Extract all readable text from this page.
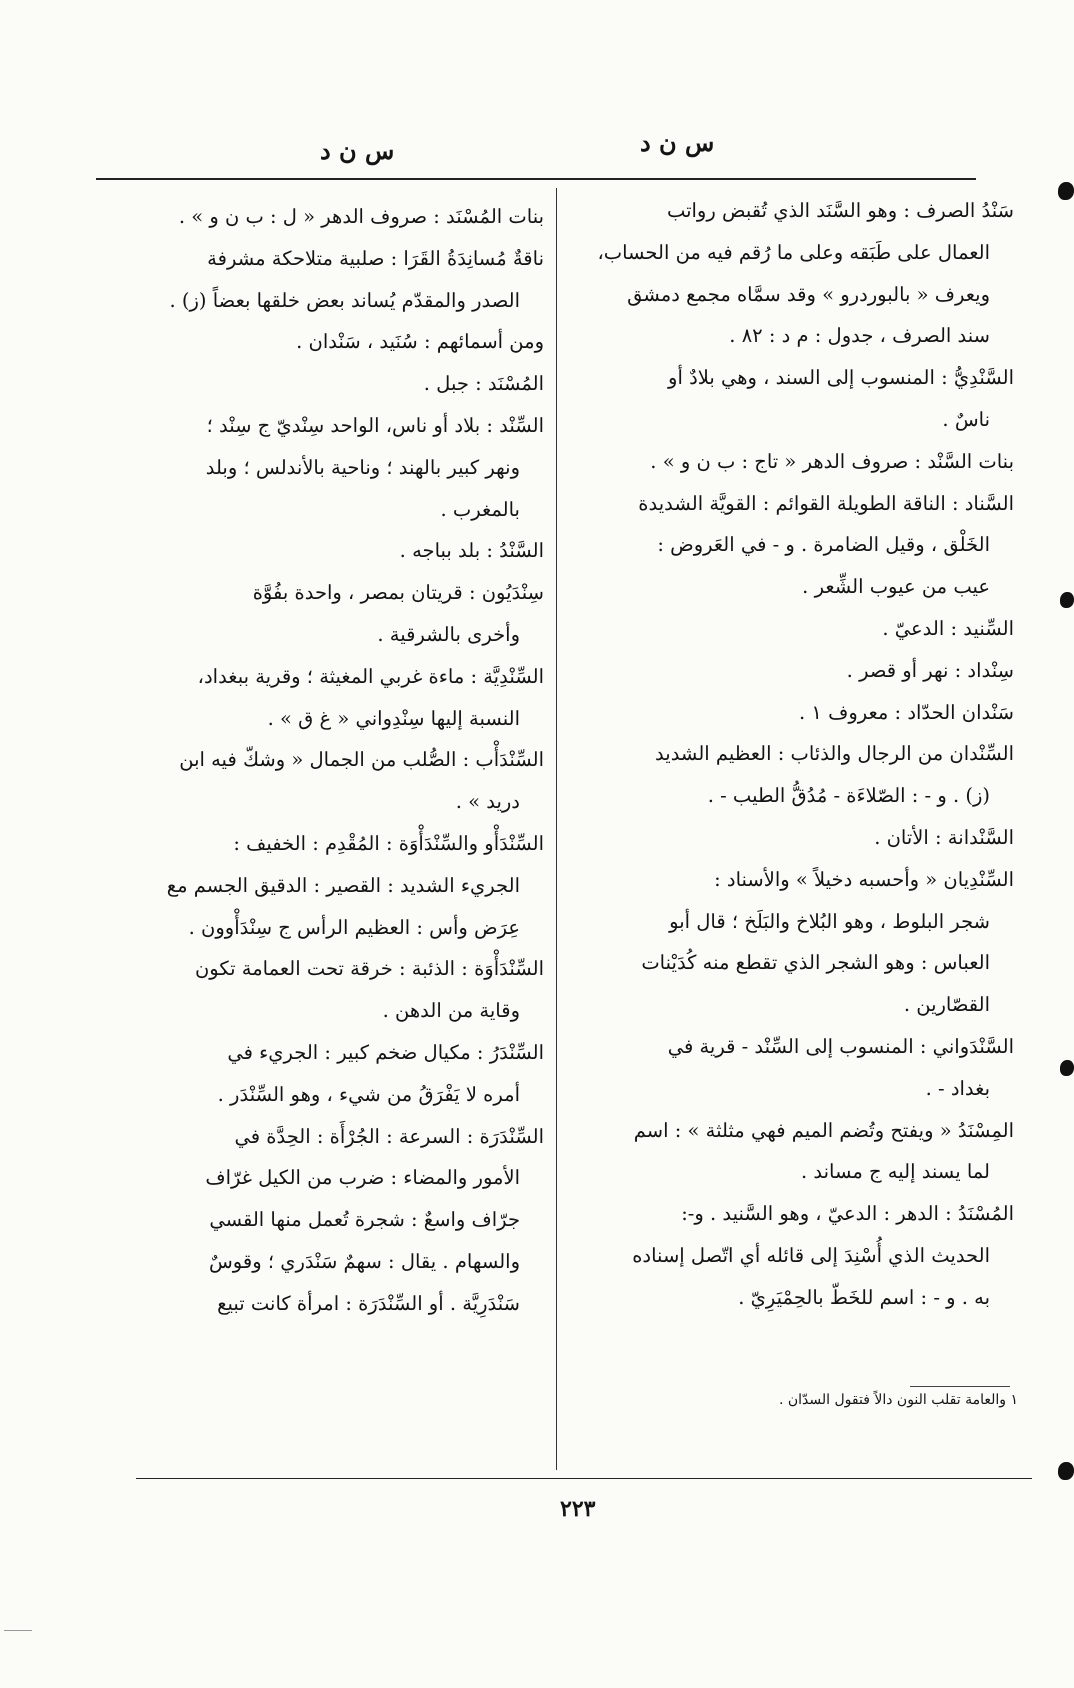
س ن د
س ن د

سَنْدُ الصرف : وهو السَّنَد الذي تُقبض رواتب

العمال على طَبَقه وعلى ما رُقم فيه من الحساب،

ويعرف « بالبوردرو » وقد سمَّاه مجمع دمشق

سند الصرف ، جدول : م د : ٨٢ .

السَّنْدِيُّ : المنسوب إلى السند ، وهي بلادٌ أو

ناسٌ .

بنات السَّنْد : صروف الدهر « تاج : ب ن و » .

السَّناد : الناقة الطويلة القوائم : القويَّة الشديدة

الخَلْق ، وقيل الضامرة . و - في العَروض :

عيب من عيوب الشِّعر .

السِّنيد : الدعيّ .

سِنْداد : نهر أو قصر .

سَنْدان الحدّاد : معروف ١ .

السِّنْدان من الرجال والذئاب : العظيم الشديد

(ز) . و - : الصّلاءَة - مُدُقُّ الطيب - .

السَّنْدانة : الأتان .

السِّنْدِيان « وأحسبه دخيلاً » والأسناد :

شجر البلوط ، وهو البُلاخ والبَلَخ ؛ قال أبو

العباس : وهو الشجر الذي تقطع منه كُدَيْنات

القصّارين .

السَّنْدَواني : المنسوب إلى السِّنْد - قرية في

بغداد - .

المِسْنَدُ « ويفتح وتُضم الميم فهي مثلثة » : اسم

لما يسند إليه ج مساند .

المُسْنَدُ : الدهر : الدعيّ ، وهو السَّنيد . و-:

الحديث الذي أُسْنِدَ إلى قائله أي اتّصل إسناده

به . و - : اسم للخَطّ بالحِمْيَرِيّ .

بنات المُسْنَد : صروف الدهر « ل : ب ن و » .

ناقةٌ مُسانِدَةُ القَرَا : صلبية متلاحكة مشرفة

الصدر والمقدّم يُساند بعض خلقها بعضاً (ز) .

ومن أسمائهم : سُنَيد ، سَنْدان .

المُسْنَد : جبل .

السِّنْد : بلاد أو ناس، الواحد سِنْديّ ج سِنْد ؛

ونهر كبير بالهند ؛ وناحية بالأندلس ؛ وبلد

بالمغرب .

السَّنْدُ : بلد بباجه .

سِنْدَيُون : قريتان بمصر ، واحدة بفُوَّة

وأخرى بالشرقية .

السِّنْدِيَّة : ماءة غربي المغيثة ؛ وقرية ببغداد،

النسبة إليها سِنْدِواني « غ ق » .

السِّنْدَأْب : الصُّلب من الجمال « وشكّ فيه ابن

دريد » .

السِّنْدَأْو والسِّنْدَأْوَة : المُقْدِم : الخفيف :

الجريء الشديد : القصير : الدقيق الجسم مع

عِرَض وأس : العظيم الرأس ج سِنْدَأْوون .

السِّنْدَأْوَة : الذئبة : خرقة تحت العمامة تكون

وقاية من الدهن .

السِّنْدَرُ : مكيال ضخم كبير : الجريء في

أمره لا يَفْرَقُ من شيء ، وهو السِّنْدَر .

السِّنْدَرَة : السرعة : الجُرْأَة : الحِدَّة في

الأمور والمضاء : ضرب من الكيل غرّاف

جرّاف واسعٌ : شجرة تُعمل منها القسي

والسهام . يقال : سهمٌ سَنْدَري ؛ وقوسٌ

سَنْدَرِيَّة . أو السِّنْدَرَة : امرأة كانت تبيع

١ والعامة تقلب النون دالاً فتقول السدّان .
٢٢٣
